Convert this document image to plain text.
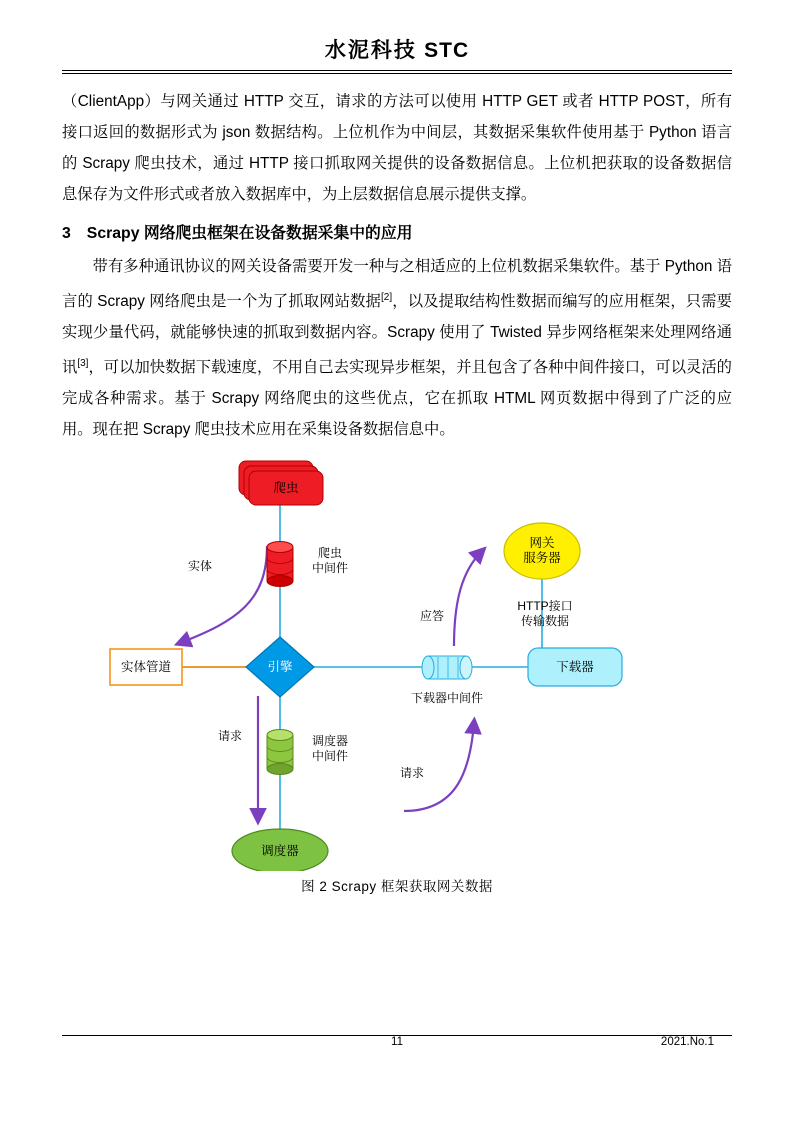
水泥科技 STC

（ClientApp）与网关通过 HTTP 交互，请求的方法可以使用 HTTP GET 或者 HTTP POST，所有接口返回的数据形式为 json 数据结构。上位机作为中间层，其数据采集软件使用基于 Python 语言的 Scrapy 爬虫技术，通过 HTTP 接口抓取网关提供的设备数据信息。上位机把获取的设备数据信息保存为文件形式或者放入数据库中，为上层数据信息展示提供支撑。

3 Scrapy 网络爬虫框架在设备数据采集中的应用

带有多种通讯协议的网关设备需要开发一种与之相适应的上位机数据采集软件。基于 Python 语言的 Scrapy 网络爬虫是一个为了抓取网站数据[2]，以及提取结构性数据而编写的应用框架，只需要实现少量代码，就能够快速的抓取到数据内容。Scrapy 使用了 Twisted 异步网络框架来处理网络通讯[3]，可以加快数据下载速度，不用自己去实现异步框架，并且包含了各种中间件接口，可以灵活的完成各种需求。基于 Scrapy 网络爬虫的这些优点，它在抓取 HTML 网页数据中得到了广泛的应用。现在把 Scrapy 爬虫技术应用在采集设备数据信息中。

爬虫
网关
服务器
实体管道	引擎	下载器
调度器
爬虫
中间件
调度器
中间件
实体
应答
HTTP接口
传输数据
下载器中间件
请求
请求
图 2 Scrapy 框架获取网关数据
11	2021.No.1
